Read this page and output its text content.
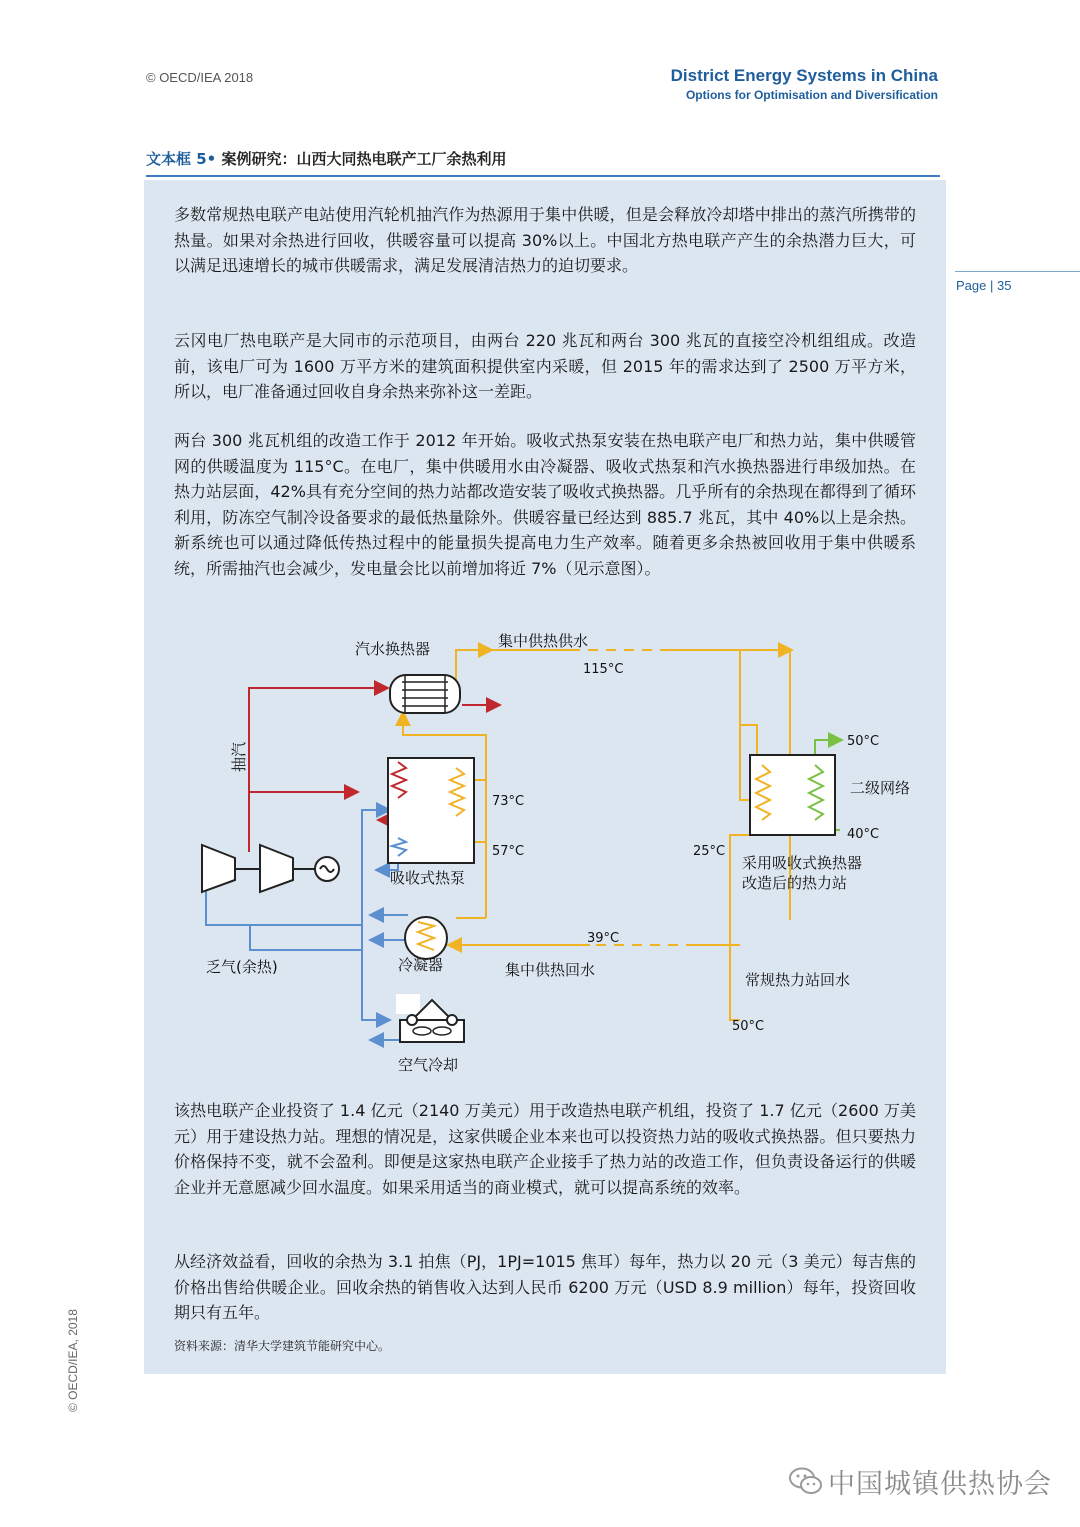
© OECD/IEA 2018	District Energy Systems in China
Options for Optimisation and Diversification
文本框 5• 案例研究：山西大同热电联产工厂余热利用
Page | 35

多数常规热电联产电站使用汽轮机抽汽作为热源用于集中供暖，但是会释放冷却塔中排出的蒸汽所携带的热量。如果对余热进行回收，供暖容量可以提高 30%以上。中国北方热电联产产生的余热潜力巨大，可以满足迅速增长的城市供暖需求，满足发展清洁热力的迫切要求。

云冈电厂热电联产是大同市的示范项目，由两台 220 兆瓦和两台 300 兆瓦的直接空冷机组组成。改造前，该电厂可为 1600 万平方米的建筑面积提供室内采暖，但 2015 年的需求达到了 2500 万平方米，所以，电厂准备通过回收自身余热来弥补这一差距。

两台 300 兆瓦机组的改造工作于 2012 年开始。吸收式热泵安装在热电联产电厂和热力站，集中供暖管网的供暖温度为 115°C。在电厂，集中供暖用水由冷凝器、吸收式热泵和汽水换热器进行串级加热。在热力站层面，42%具有充分空间的热力站都改造安装了吸收式换热器。几乎所有的余热现在都得到了循环利用，防冻空气制冷设备要求的最低热量除外。供暖容量已经达到 885.7 兆瓦，其中 40%以上是余热。新系统也可以通过降低传热过程中的能量损失提高电力生产效率。随着更多余热被回收用于集中供暖系统，所需抽汽也会减少，发电量会比以前增加将近 7%（见示意图）。

汽水换热器	集中供热供水
115°C
抽汽
73°C
57°C
吸收式热泵
冷凝器
乏气(余热)
39°C
集中供热回水
空气冷却
50°C
二级网络
40°C
25°C
采用吸收式换热器
改造后的热力站
常规热力站回水
50°C

该热电联产企业投资了 1.4 亿元（2140 万美元）用于改造热电联产机组，投资了 1.7 亿元（2600 万美元）用于建设热力站。理想的情况是，这家供暖企业本来也可以投资热力站的吸收式换热器。但只要热力价格保持不变，就不会盈利。即便是这家热电联产企业接手了热力站的改造工作，但负责设备运行的供暖企业并无意愿减少回水温度。如果采用适当的商业模式，就可以提高系统的效率。

从经济效益看，回收的余热为 3.1 拍焦（PJ，1PJ=1015 焦耳）每年，热力以 20 元（3 美元）每吉焦的价格出售给供暖企业。回收余热的销售收入达到人民币 6200 万元（USD 8.9 million）每年，投资回收期只有五年。

资料来源：清华大学建筑节能研究中心。
© OECD/IEA, 2018
中国城镇供热协会
